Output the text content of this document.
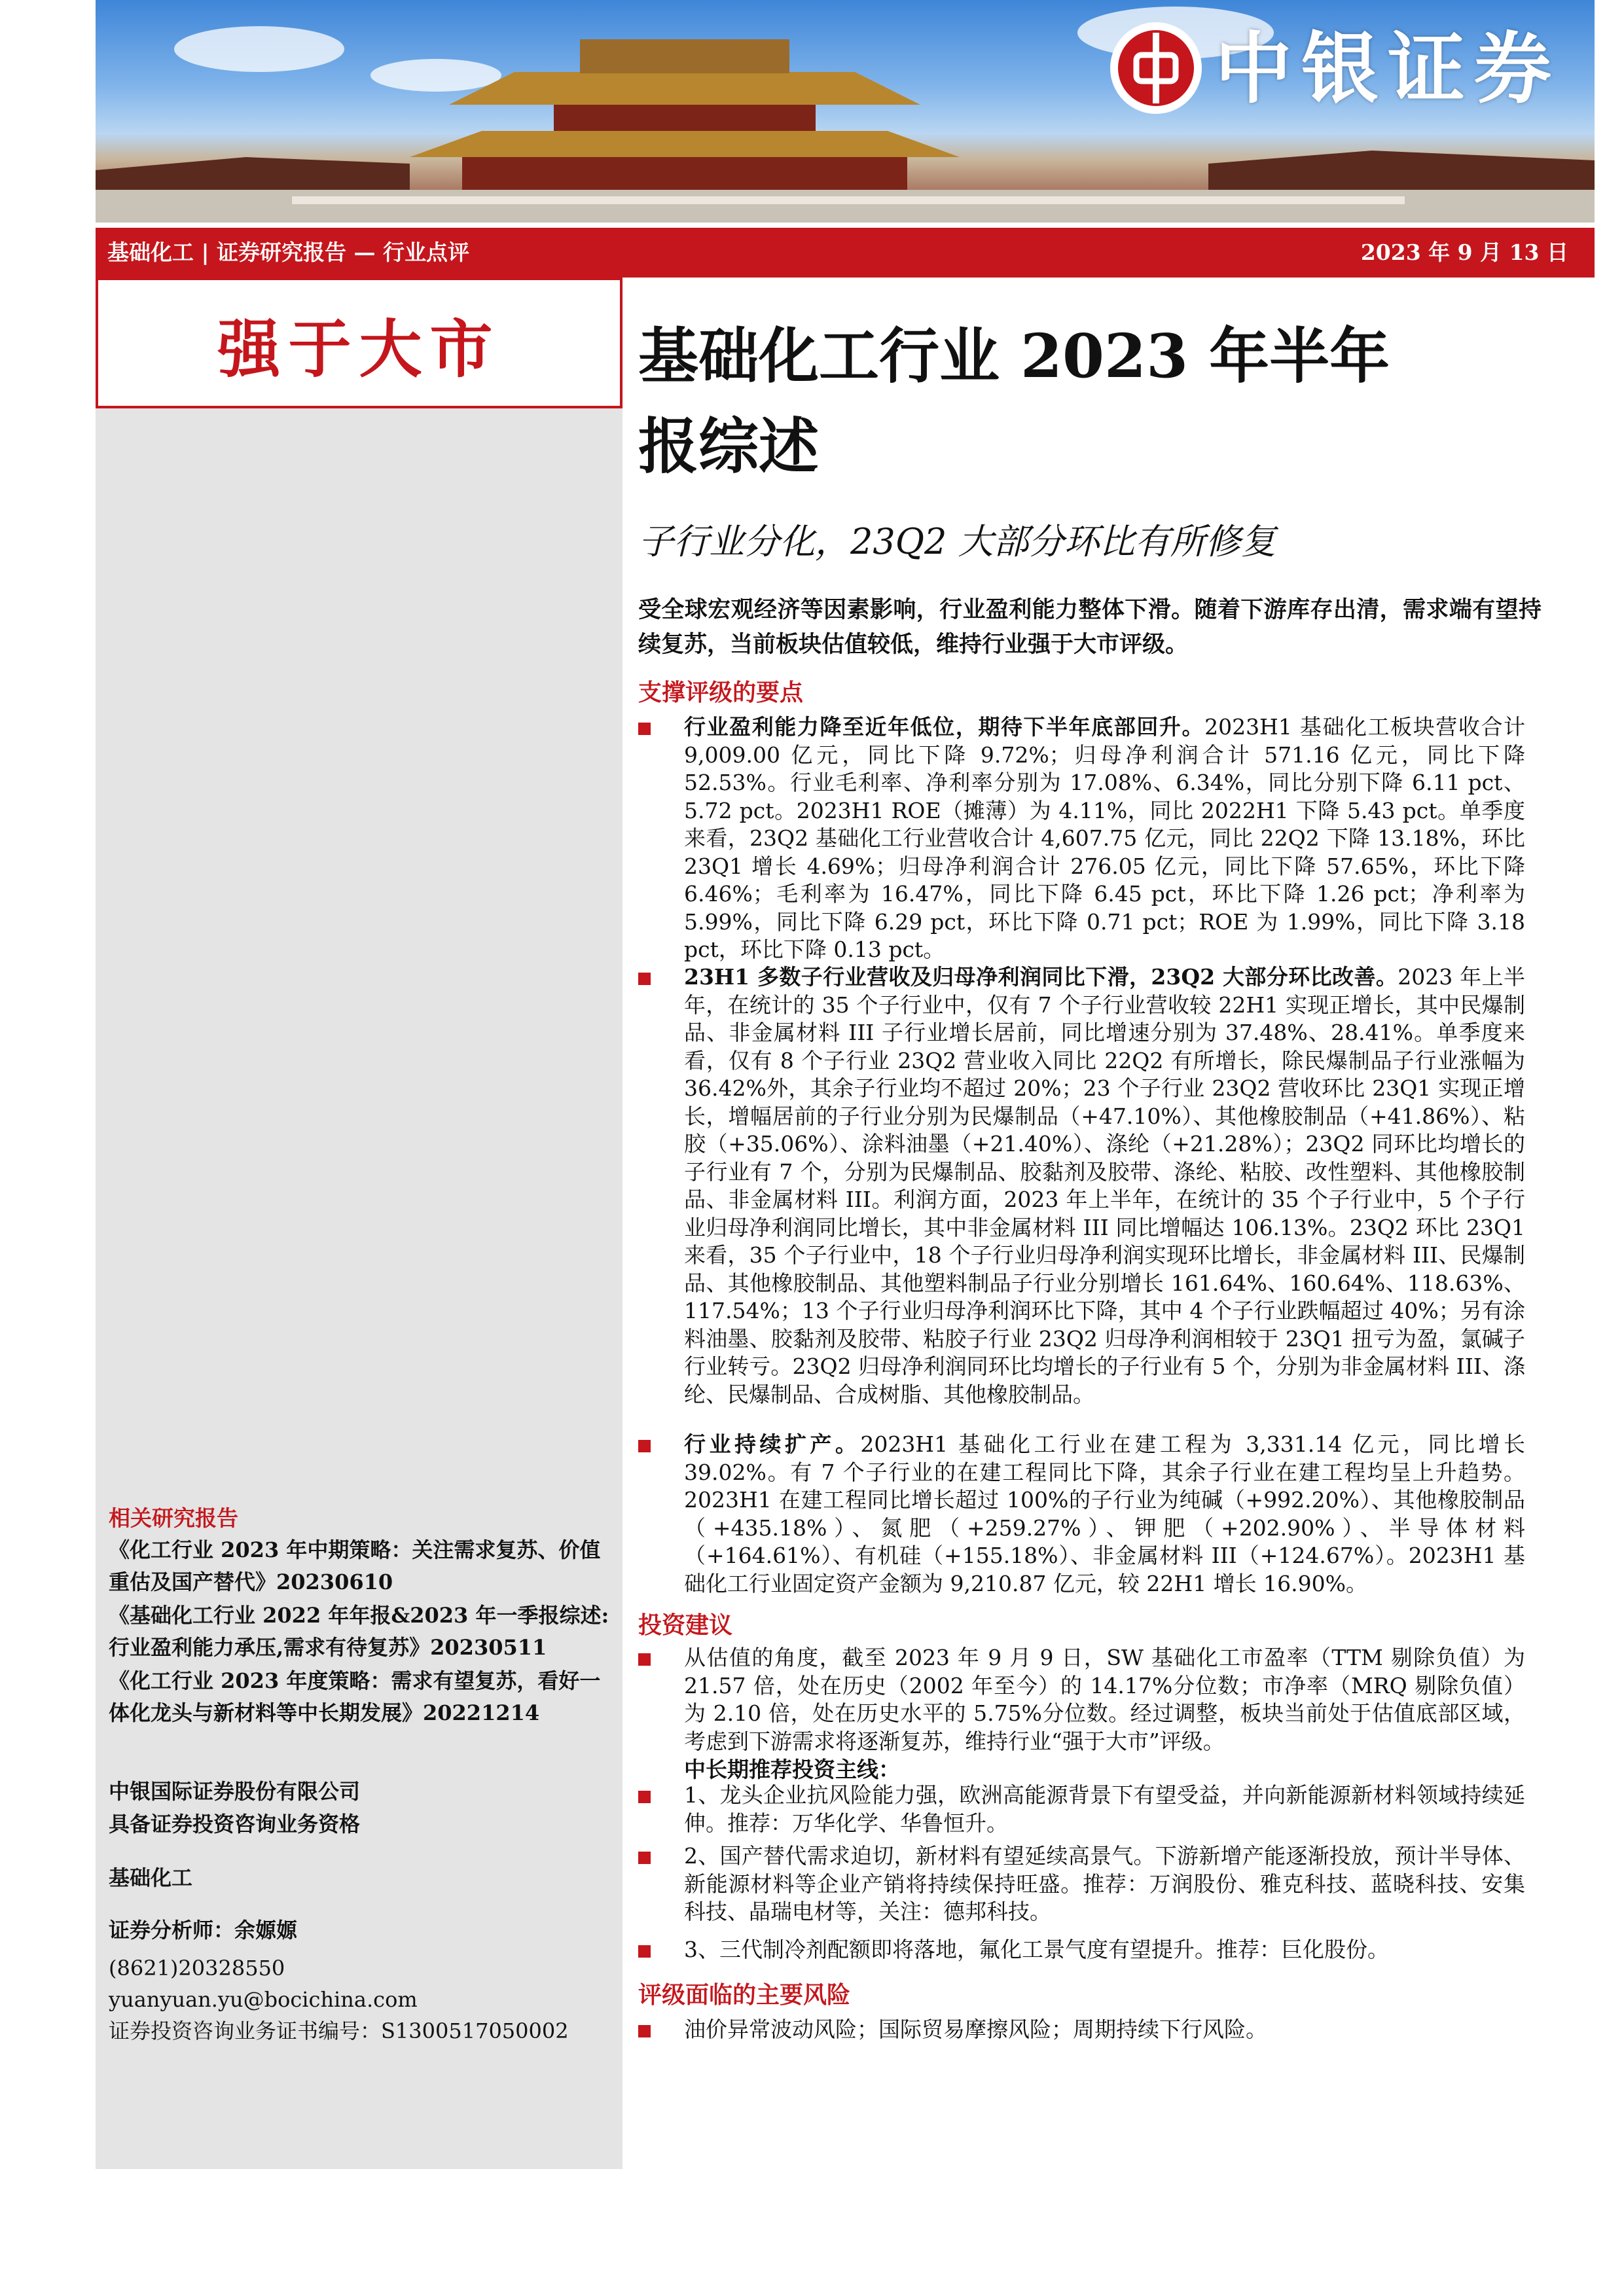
中银证券
基础化工 | 证券研究报告 — 行业点评	2023 年 9 月 13 日
强于大市
相关研究报告
《化工行业 2023 年中期策略：关注需求复苏、价值重估及国产替代》20230610
《基础化工行业 2022 年年报&2023 年一季报综述:行业盈利能力承压,需求有待复苏》20230511
《化工行业 2023 年度策略：需求有望复苏，看好一体化龙头与新材料等中长期发展》20221214
中银国际证券股份有限公司
具备证券投资咨询业务资格
基础化工
证券分析师：余嫄嫄
(8621)20328550
yuanyuan.yu@bocichina.com
证券投资咨询业务证书编号：S1300517050002
基础化工行业 2023 年半年
报综述
子行业分化，23Q2 大部分环比有所修复
受全球宏观经济等因素影响，行业盈利能力整体下滑。随着下游库存出清，需求端有望持续复苏，当前板块估值较低，维持行业强于大市评级。
支撑评级的要点
行业盈利能力降至近年低位，期待下半年底部回升。2023H1 基础化工板块营收合计 9,009.00 亿元，同比下降 9.72%；归母净利润合计 571.16 亿元，同比下降 52.53%。行业毛利率、净利率分别为 17.08%、6.34%，同比分别下降 6.11 pct、5.72 pct。2023H1 ROE（摊薄）为 4.11%，同比 2022H1 下降 5.43 pct。单季度来看，23Q2 基础化工行业营收合计 4,607.75 亿元，同比 22Q2 下降 13.18%，环比 23Q1 增长 4.69%；归母净利润合计 276.05 亿元，同比下降 57.65%，环比下降 6.46%；毛利率为 16.47%，同比下降 6.45 pct，环比下降 1.26 pct；净利率为 5.99%，同比下降 6.29 pct，环比下降 0.71 pct；ROE 为 1.99%，同比下降 3.18 pct，环比下降 0.13 pct。
23H1 多数子行业营收及归母净利润同比下滑，23Q2 大部分环比改善。2023 年上半年，在统计的 35 个子行业中，仅有 7 个子行业营收较 22H1 实现正增长，其中民爆制品、非金属材料 III 子行业增长居前，同比增速分别为 37.48%、28.41%。单季度来看，仅有 8 个子行业 23Q2 营业收入同比 22Q2 有所增长，除民爆制品子行业涨幅为 36.42%外，其余子行业均不超过 20%；23 个子行业 23Q2 营收环比 23Q1 实现正增长，增幅居前的子行业分别为民爆制品（+47.10%）、其他橡胶制品（+41.86%）、粘胶（+35.06%）、涂料油墨（+21.40%）、涤纶（+21.28%）；23Q2 同环比均增长的子行业有 7 个，分别为民爆制品、胶黏剂及胶带、涤纶、粘胶、改性塑料、其他橡胶制品、非金属材料 III。利润方面，2023 年上半年，在统计的 35 个子行业中，5 个子行业归母净利润同比增长，其中非金属材料 III 同比增幅达 106.13%。23Q2 环比 23Q1 来看，35 个子行业中，18 个子行业归母净利润实现环比增长，非金属材料 III、民爆制品、其他橡胶制品、其他塑料制品子行业分别增长 161.64%、160.64%、118.63%、117.54%；13 个子行业归母净利润环比下降，其中 4 个子行业跌幅超过 40%；另有涂料油墨、胶黏剂及胶带、粘胶子行业 23Q2 归母净利润相较于 23Q1 扭亏为盈，氯碱子行业转亏。23Q2 归母净利润同环比均增长的子行业有 5 个，分别为非金属材料 III、涤纶、民爆制品、合成树脂、其他橡胶制品。
行业持续扩产。2023H1 基础化工行业在建工程为 3,331.14 亿元，同比增长 39.02%。有 7 个子行业的在建工程同比下降，其余子行业在建工程均呈上升趋势。2023H1 在建工程同比增长超过 100%的子行业为纯碱（+992.20%）、其他橡胶制品（+435.18%）、氮肥（+259.27%）、钾肥（+202.90%）、半导体材料（+164.61%）、有机硅（+155.18%）、非金属材料 III（+124.67%）。2023H1 基础化工行业固定资产金额为 9,210.87 亿元，较 22H1 增长 16.90%。
投资建议
从估值的角度，截至 2023 年 9 月 9 日，SW 基础化工市盈率（TTM 剔除负值）为 21.57 倍，处在历史（2002 年至今）的 14.17%分位数；市净率（MRQ 剔除负值）为 2.10 倍，处在历史水平的 5.75%分位数。经过调整，板块当前处于估值底部区域，考虑到下游需求将逐渐复苏，维持行业“强于大市”评级。
中长期推荐投资主线：
1、龙头企业抗风险能力强，欧洲高能源背景下有望受益，并向新能源新材料领域持续延伸。推荐：万华化学、华鲁恒升。
2、国产替代需求迫切，新材料有望延续高景气。下游新增产能逐渐投放，预计半导体、新能源材料等企业产销将持续保持旺盛。推荐：万润股份、雅克科技、蓝晓科技、安集科技、晶瑞电材等，关注：德邦科技。
3、三代制冷剂配额即将落地，氟化工景气度有望提升。推荐：巨化股份。
评级面临的主要风险
油价异常波动风险；国际贸易摩擦风险；周期持续下行风险。
